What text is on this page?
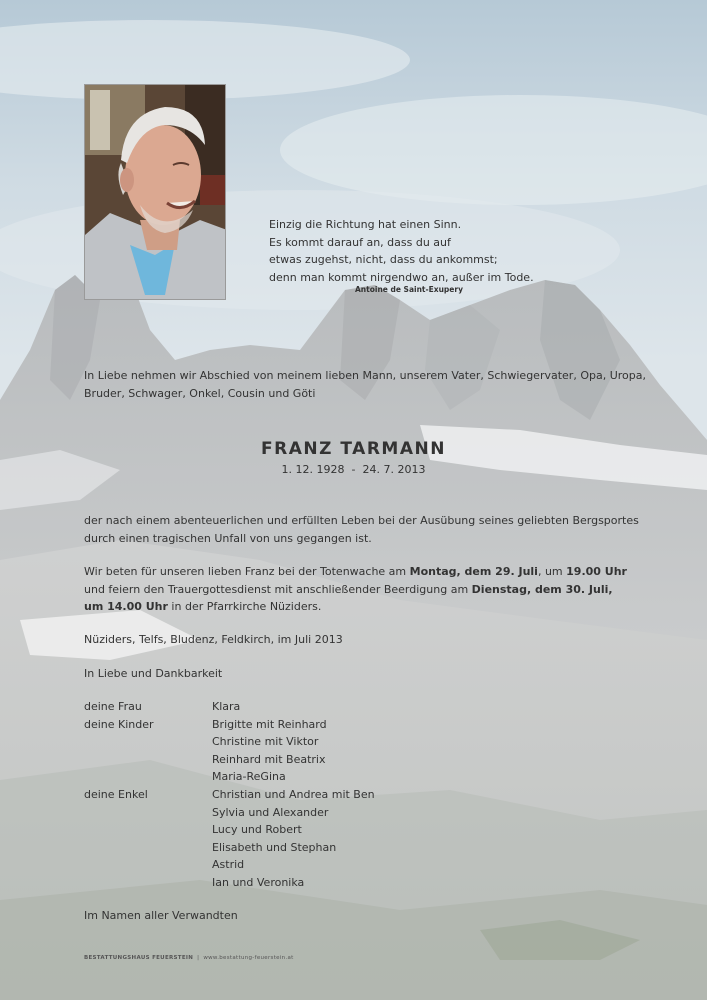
Einzig die Richtung hat einen Sinn.
Es kommt darauf an, dass du auf
etwas zugehst, nicht, dass du ankommst;
denn man kommt nirgendwo an, außer im Tode.
Antoine de Saint-Exupery
In Liebe nehmen wir Abschied von meinem lieben Mann, unserem Vater, Schwiegervater, Opa, Uropa,
Bruder, Schwager, Onkel, Cousin und Göti
FRANZ TARMANN
1. 12. 1928  -  24. 7. 2013
der nach einem abenteuerlichen und erfüllten Leben bei der Ausübung seines geliebten Bergsportes
durch einen tragischen Unfall von uns gegangen ist.
Wir beten für unseren lieben Franz bei der Totenwache am Montag, dem 29. Juli, um 19.00 Uhr
und feiern den Trauergottesdienst mit anschließender Beerdigung am Dienstag, dem 30. Juli,
um 14.00 Uhr in der Pfarrkirche Nüziders.
Nüziders, Telfs, Bludenz, Feldkirch, im Juli 2013
In Liebe und Dankbarkeit
deine Frau
deine Kinder
deine Enkel
Klara
Brigitte mit Reinhard
Christine mit Viktor
Reinhard mit Beatrix
Maria-ReGina
Christian und Andrea mit Ben
Sylvia und Alexander
Lucy und Robert
Elisabeth und Stephan
Astrid
Ian und Veronika
Im Namen aller Verwandten
BESTATTUNGSHAUS FEUERSTEIN | www.bestattung-feuerstein.at
